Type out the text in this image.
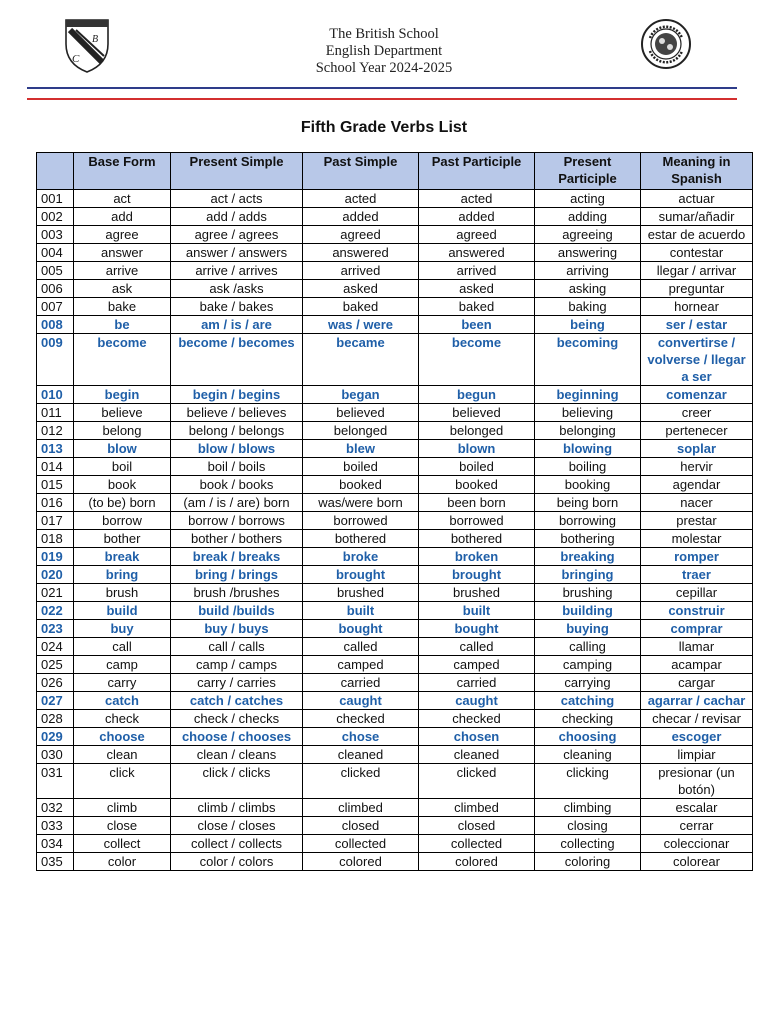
C
B	The British School
English Department
School Year 2024-2025
Fifth Grade Verbs List
	Base Form	Present Simple	Past Simple	Past Participle	Present Participle	Meaning in Spanish
001	act	act / acts	acted	acted	acting	actuar
002	add	add / adds	added	added	adding	sumar/añadir
003	agree	agree / agrees	agreed	agreed	agreeing	estar de acuerdo
004	answer	answer / answers	answered	answered	answering	contestar
005	arrive	arrive / arrives	arrived	arrived	arriving	llegar / arrivar
006	ask	ask /asks	asked	asked	asking	preguntar
007	bake	bake / bakes	baked	baked	baking	hornear
008	be	am / is / are	was / were	been	being	ser / estar
009	become	become / becomes	became	become	becoming	convertirse / volverse / llegar a ser
010	begin	begin / begins	began	begun	beginning	comenzar
011	believe	believe / believes	believed	believed	believing	creer
012	belong	belong / belongs	belonged	belonged	belonging	pertenecer
013	blow	blow / blows	blew	blown	blowing	soplar
014	boil	boil / boils	boiled	boiled	boiling	hervir
015	book	book / books	booked	booked	booking	agendar
016	(to be) born	(am / is / are) born	was/were born	been born	being born	nacer
017	borrow	borrow / borrows	borrowed	borrowed	borrowing	prestar
018	bother	bother / bothers	bothered	bothered	bothering	molestar
019	break	break / breaks	broke	broken	breaking	romper
020	bring	bring / brings	brought	brought	bringing	traer
021	brush	brush /brushes	brushed	brushed	brushing	cepillar
022	build	build /builds	built	built	building	construir
023	buy	buy / buys	bought	bought	buying	comprar
024	call	call / calls	called	called	calling	llamar
025	camp	camp / camps	camped	camped	camping	acampar
026	carry	carry / carries	carried	carried	carrying	cargar
027	catch	catch / catches	caught	caught	catching	agarrar / cachar
028	check	check / checks	checked	checked	checking	checar / revisar
029	choose	choose / chooses	chose	chosen	choosing	escoger
030	clean	clean / cleans	cleaned	cleaned	cleaning	limpiar
031	click	click / clicks	clicked	clicked	clicking	presionar (un botón)
032	climb	climb / climbs	climbed	climbed	climbing	escalar
033	close	close / closes	closed	closed	closing	cerrar
034	collect	collect / collects	collected	collected	collecting	coleccionar
035	color	color / colors	colored	colored	coloring	colorear
